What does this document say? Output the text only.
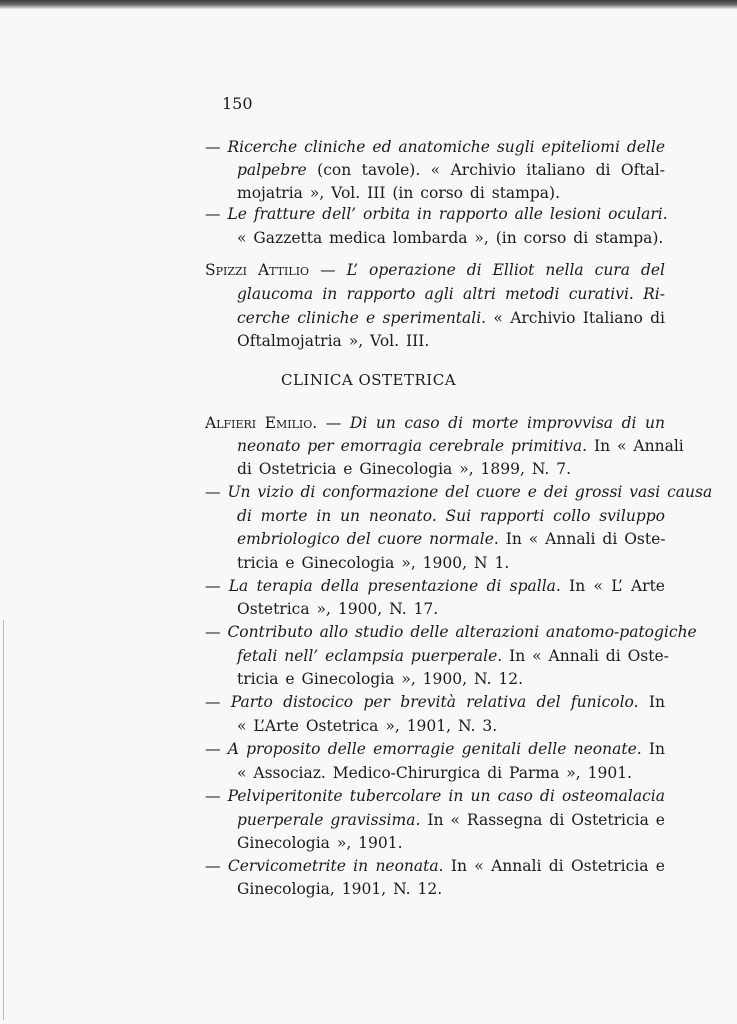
150
— Ricerche cliniche ed anatomiche sugli epiteliomi delle
palpebre (con tavole). « Archivio italiano di Oftal-
mojatria », Vol. III (in corso di stampa).
— Le fratture dell’ orbita in rapporto alle lesioni oculari.
« Gazzetta medica lombarda », (in corso di stampa).
Spizzi Attilio — L’ operazione di Elliot nella cura del
glaucoma in rapporto agli altri metodi curativi. Ri-
cerche cliniche e sperimentali. « Archivio Italiano di
Oftalmojatria », Vol. III.
CLINICA OSTETRICA
Alfieri Emilio. — Di un caso di morte improvvisa di un
neonato per emorragia cerebrale primitiva. In « Annali
di Ostetricia e Ginecologia », 1899, N. 7.
— Un vizio di conformazione del cuore e dei grossi vasi causa
di morte in un neonato. Sui rapporti collo sviluppo
embriologico del cuore normale. In « Annali di Oste-
tricia e Ginecologia », 1900, N 1.
— La terapia della presentazione di spalla. In « L’ Arte
Ostetrica », 1900, N. 17.
— Contributo allo studio delle alterazioni anatomo-patogiche
fetali nell’ eclampsia puerperale. In « Annali di Oste-
tricia e Ginecologia », 1900, N. 12.
— Parto distocico per brevità relativa del funicolo. In
« L’Arte Ostetrica », 1901, N. 3.
— A proposito delle emorragie genitali delle neonate. In
« Associaz. Medico-Chirurgica di Parma », 1901.
— Pelviperitonite tubercolare in un caso di osteomalacia
puerperale gravissima. In « Rassegna di Ostetricia e
Ginecologia », 1901.
— Cervicometrite in neonata. In « Annali di Ostetricia e
Ginecologia, 1901, N. 12.
